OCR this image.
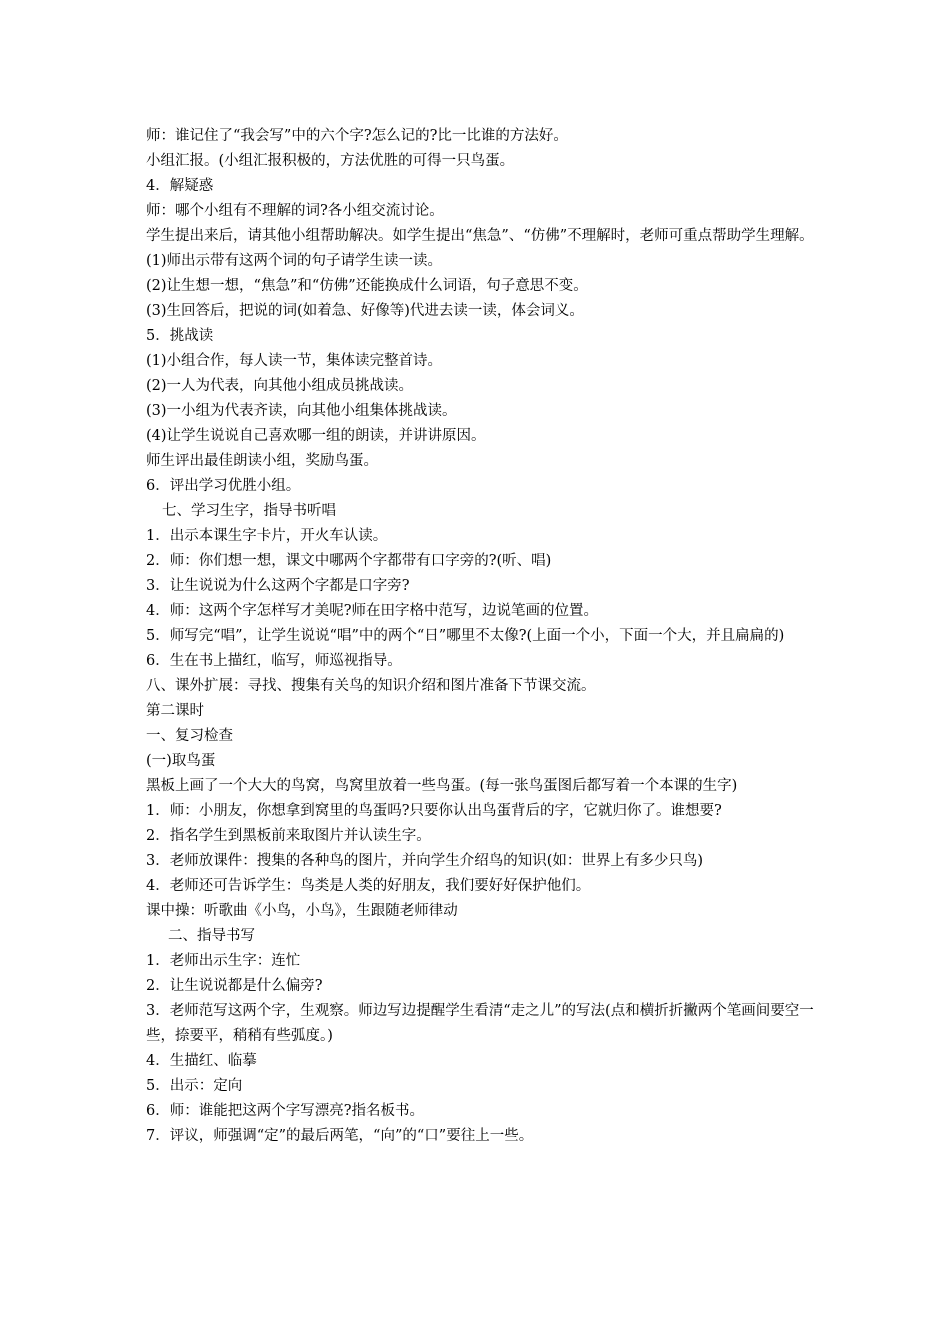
师：谁记住了“我会写”中的六个字?怎么记的?比一比谁的方法好。

小组汇报。(小组汇报积极的，方法优胜的可得一只鸟蛋。

4．解疑惑

师：哪个小组有不理解的词?各小组交流讨论。

学生提出来后，请其他小组帮助解决。如学生提出“焦急”、“仿佛”不理解时，老师可重点帮助学生理解。

(1)师出示带有这两个词的句子请学生读一读。

(2)让生想一想，“焦急”和“仿佛”还能换成什么词语，句子意思不变。

(3)生回答后，把说的词(如着急、好像等)代进去读一读，体会词义。

5．挑战读

(1)小组合作，每人读一节，集体读完整首诗。

(2)一人为代表，向其他小组成员挑战读。

(3)一小组为代表齐读，向其他小组集体挑战读。

(4)让学生说说自己喜欢哪一组的朗读，并讲讲原因。

师生评出最佳朗读小组，奖励鸟蛋。

6．评出学习优胜小组。

七、学习生字，指导书听唱

1．出示本课生字卡片，开火车认读。

2．师：你们想一想，课文中哪两个字都带有口字旁的?(听、唱)

3．让生说说为什么这两个字都是口字旁?

4．师：这两个字怎样写才美呢?师在田字格中范写，边说笔画的位置。

5．师写完“唱”，让学生说说“唱”中的两个“日”哪里不太像?(上面一个小，下面一个大，并且扁扁的)

6．生在书上描红，临写，师巡视指导。

八、课外扩展：寻找、搜集有关鸟的知识介绍和图片准备下节课交流。

第二课时

一、复习检查

(一)取鸟蛋

黑板上画了一个大大的鸟窝，鸟窝里放着一些鸟蛋。(每一张鸟蛋图后都写着一个本课的生字)

1．师：小朋友，你想拿到窝里的鸟蛋吗?只要你认出鸟蛋背后的字，它就归你了。谁想要?

2．指名学生到黑板前来取图片并认读生字。

3．老师放课件：搜集的各种鸟的图片，并向学生介绍鸟的知识(如：世界上有多少只鸟)

4．老师还可告诉学生：鸟类是人类的好朋友，我们要好好保护他们。

课中操：听歌曲《小鸟，小鸟》，生跟随老师律动

二、指导书写

1．老师出示生字：连忙

2．让生说说都是什么偏旁?

3．老师范写这两个字，生观察。师边写边提醒学生看清“走之儿”的写法(点和横折折撇两个笔画间要空一些，捺要平，稍稍有些弧度。)

4．生描红、临摹

5．出示：定向

6．师：谁能把这两个字写漂亮?指名板书。

7．评议，师强调“定”的最后两笔，“向”的“口”要往上一些。
